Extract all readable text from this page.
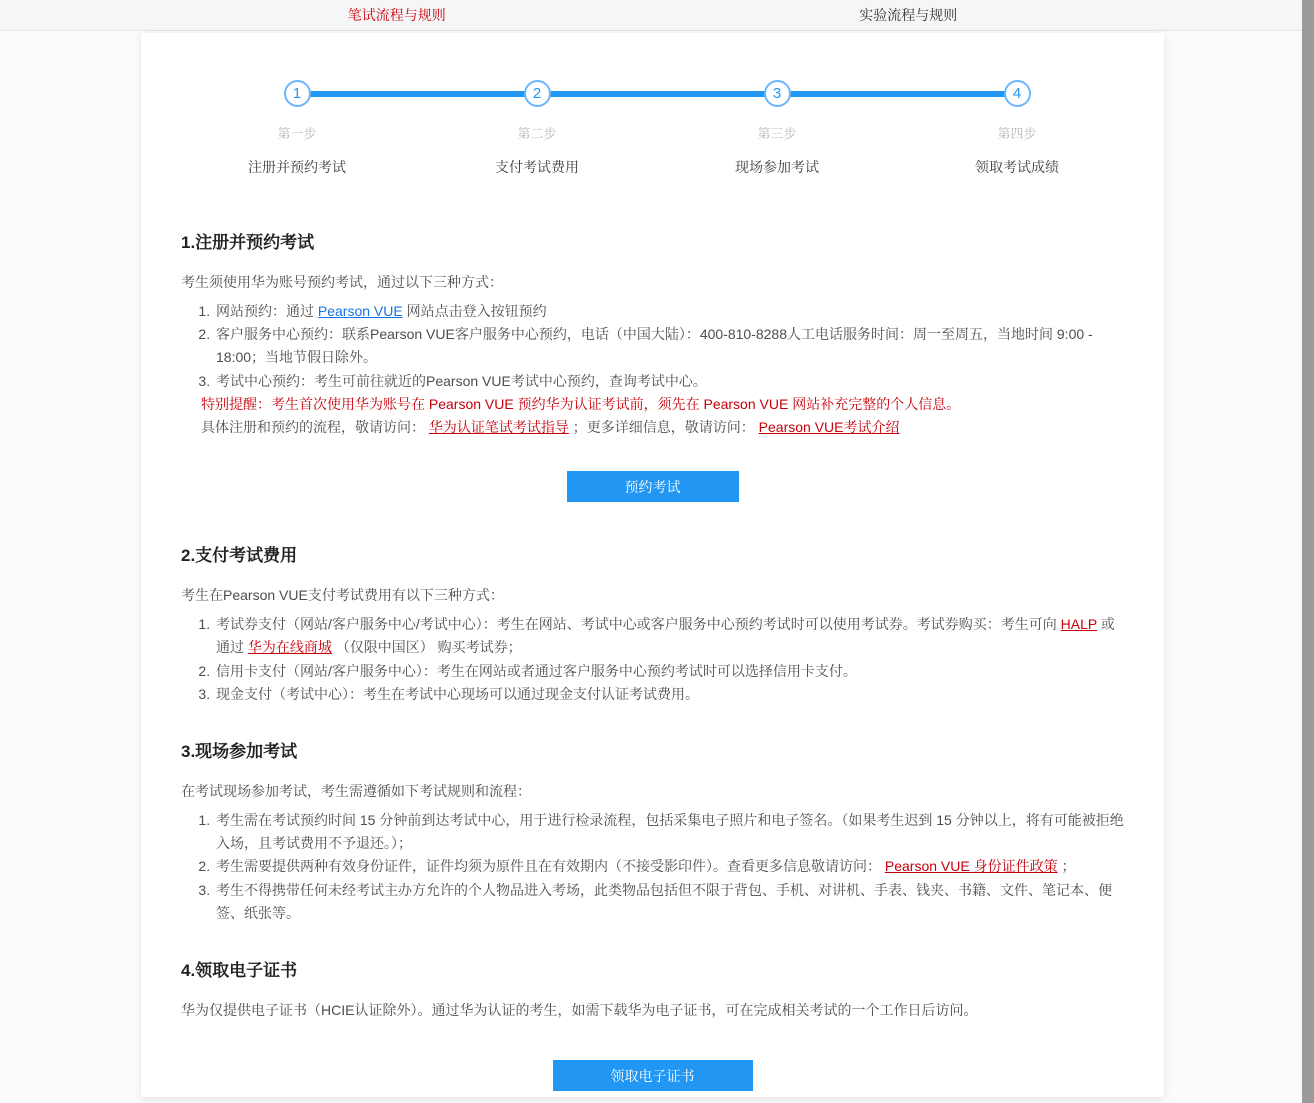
笔试流程与规则	实验流程与规则
1
第一步
注册并预约考试
2
第二步
支付考试费用
3
第三步
现场参加考试
4
第四步
领取考试成绩
1.注册并预约考试
考生须使用华为账号预约考试，通过以下三种方式：
1. 网站预约：通过 Pearson VUE 网站点击登入按钮预约
2. 客户服务中心预约：联系Pearson VUE客户服务中心预约，电话（中国大陆）：400-810-8288人工电话服务时间：周一至周五，当地时间 9:00 - 18:00；当地节假日除外。
3. 考试中心预约：考生可前往就近的Pearson VUE考试中心预约，查询考试中心。
特别提醒：考生首次使用华为账号在 Pearson VUE 预约华为认证考试前，须先在 Pearson VUE 网站补充完整的个人信息。
具体注册和预约的流程，敬请访问： 华为认证笔试考试指导 ；更多详细信息，敬请访问： Pearson VUE考试介绍
预约考试
2.支付考试费用
考生在Pearson VUE支付考试费用有以下三种方式：
1. 考试券支付（网站/客户服务中心/考试中心）：考生在网站、考试中心或客户服务中心预约考试时可以使用考试券。考试券购买：考生可向 HALP 或通过 华为在线商城 （仅限中国区） 购买考试券；
2. 信用卡支付（网站/客户服务中心）：考生在网站或者通过客户服务中心预约考试时可以选择信用卡支付。
3. 现金支付（考试中心）：考生在考试中心现场可以通过现金支付认证考试费用。
3.现场参加考试
在考试现场参加考试，考生需遵循如下考试规则和流程：
1. 考生需在考试预约时间 15 分钟前到达考试中心，用于进行检录流程，包括采集电子照片和电子签名。（如果考生迟到 15 分钟以上，将有可能被拒绝入场，且考试费用不予退还。）；
2. 考生需要提供两种有效身份证件，证件均须为原件且在有效期内（不接受影印件）。查看更多信息敬请访问： Pearson VUE 身份证件政策 ；
3. 考生不得携带任何未经考试主办方允许的个人物品进入考场，此类物品包括但不限于背包、手机、对讲机、手表、钱夹、书籍、文件、笔记本、便签、纸张等。
4.领取电子证书
华为仅提供电子证书（HCIE认证除外）。通过华为认证的考生，如需下载华为电子证书，可在完成相关考试的一个工作日后访问。
领取电子证书
